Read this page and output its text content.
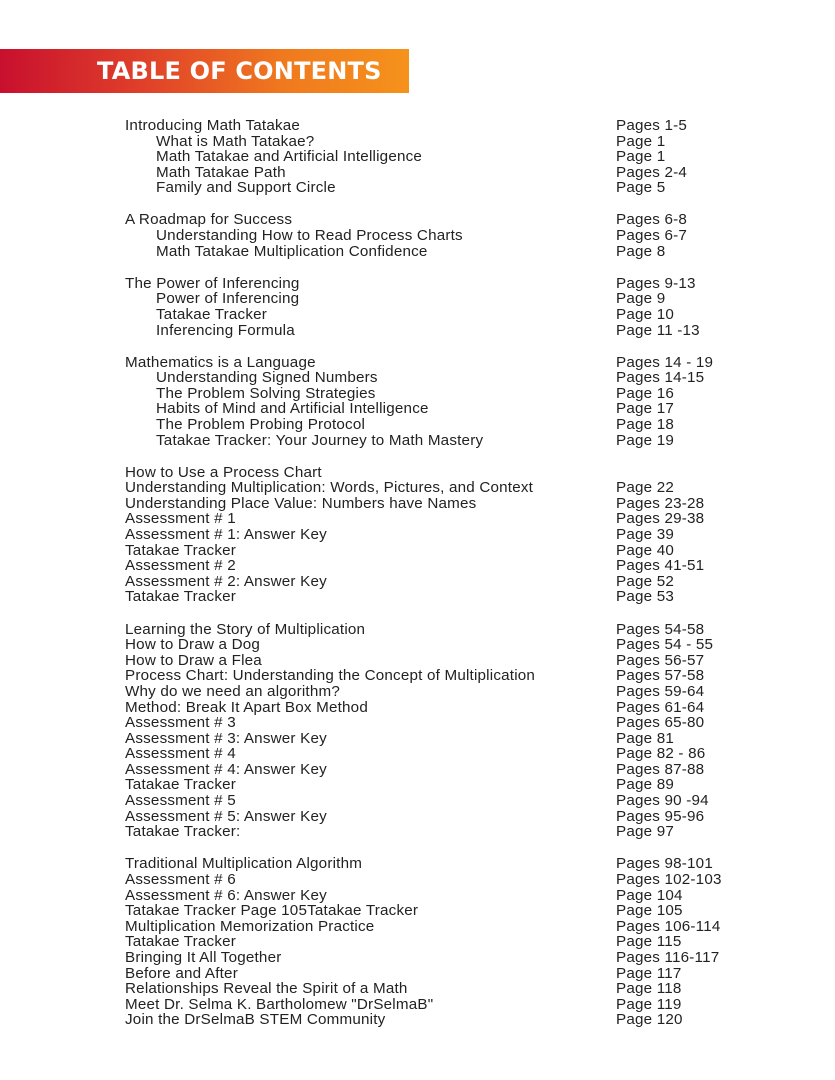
TABLE OF CONTENTS
Introducing Math Tatakae	Pages 1-5
What is Math Tatakae?	Page 1
Math Tatakae and Artificial Intelligence	Page 1
Math Tatakae Path	Pages 2-4
Family and Support Circle	Page 5
A Roadmap for Success	Pages 6-8
Understanding How to Read Process Charts	Pages 6-7
Math Tatakae Multiplication Confidence	Page 8
The Power of Inferencing	Pages 9-13
Power of Inferencing	Page 9
Tatakae Tracker	Page 10
Inferencing Formula	Page 11 -13
Mathematics is a Language	Pages 14 - 19
Understanding Signed Numbers	Pages 14-15
The Problem Solving Strategies	Page 16
Habits of Mind and Artificial Intelligence	Page 17
The Problem Probing Protocol	Page 18
Tatakae Tracker: Your Journey to Math Mastery	Page 19
How to Use a Process Chart
Understanding Multiplication: Words, Pictures, and Context	Page 22
Understanding Place Value: Numbers have Names	Pages 23-28
Assessment # 1	Pages 29-38
Assessment # 1: Answer Key	Page 39
Tatakae Tracker	Page 40
Assessment # 2	Pages 41-51
Assessment # 2: Answer Key	Page 52
Tatakae Tracker	Page 53
Learning the Story of Multiplication	Pages 54-58
How to Draw a Dog	Pages 54 - 55
How to Draw a Flea	Pages 56-57
Process Chart: Understanding the Concept of Multiplication	Pages 57-58
Why do we need an algorithm?	Pages 59-64
Method: Break It Apart Box Method	Pages 61-64
Assessment # 3	Pages 65-80
Assessment # 3: Answer Key	Page 81
Assessment # 4	Page 82 - 86
Assessment # 4: Answer Key	Pages 87-88
Tatakae Tracker	Page 89
Assessment # 5	Pages 90 -94
Assessment # 5: Answer Key	Pages 95-96
Tatakae Tracker:	Page 97
Traditional Multiplication Algorithm	Pages 98-101
Assessment # 6	Pages 102-103
Assessment # 6: Answer Key	Page 104
Tatakae Tracker Page 105Tatakae Tracker	Page 105
Multiplication Memorization Practice	Pages 106-114
Tatakae Tracker	Page 115
Bringing It All Together	Pages 116-117
Before and After	Page 117
Relationships Reveal the Spirit of a Math	Page 118
Meet Dr. Selma K. Bartholomew "DrSelmaB"	Page 119
Join the DrSelmaB STEM Community	Page 120
